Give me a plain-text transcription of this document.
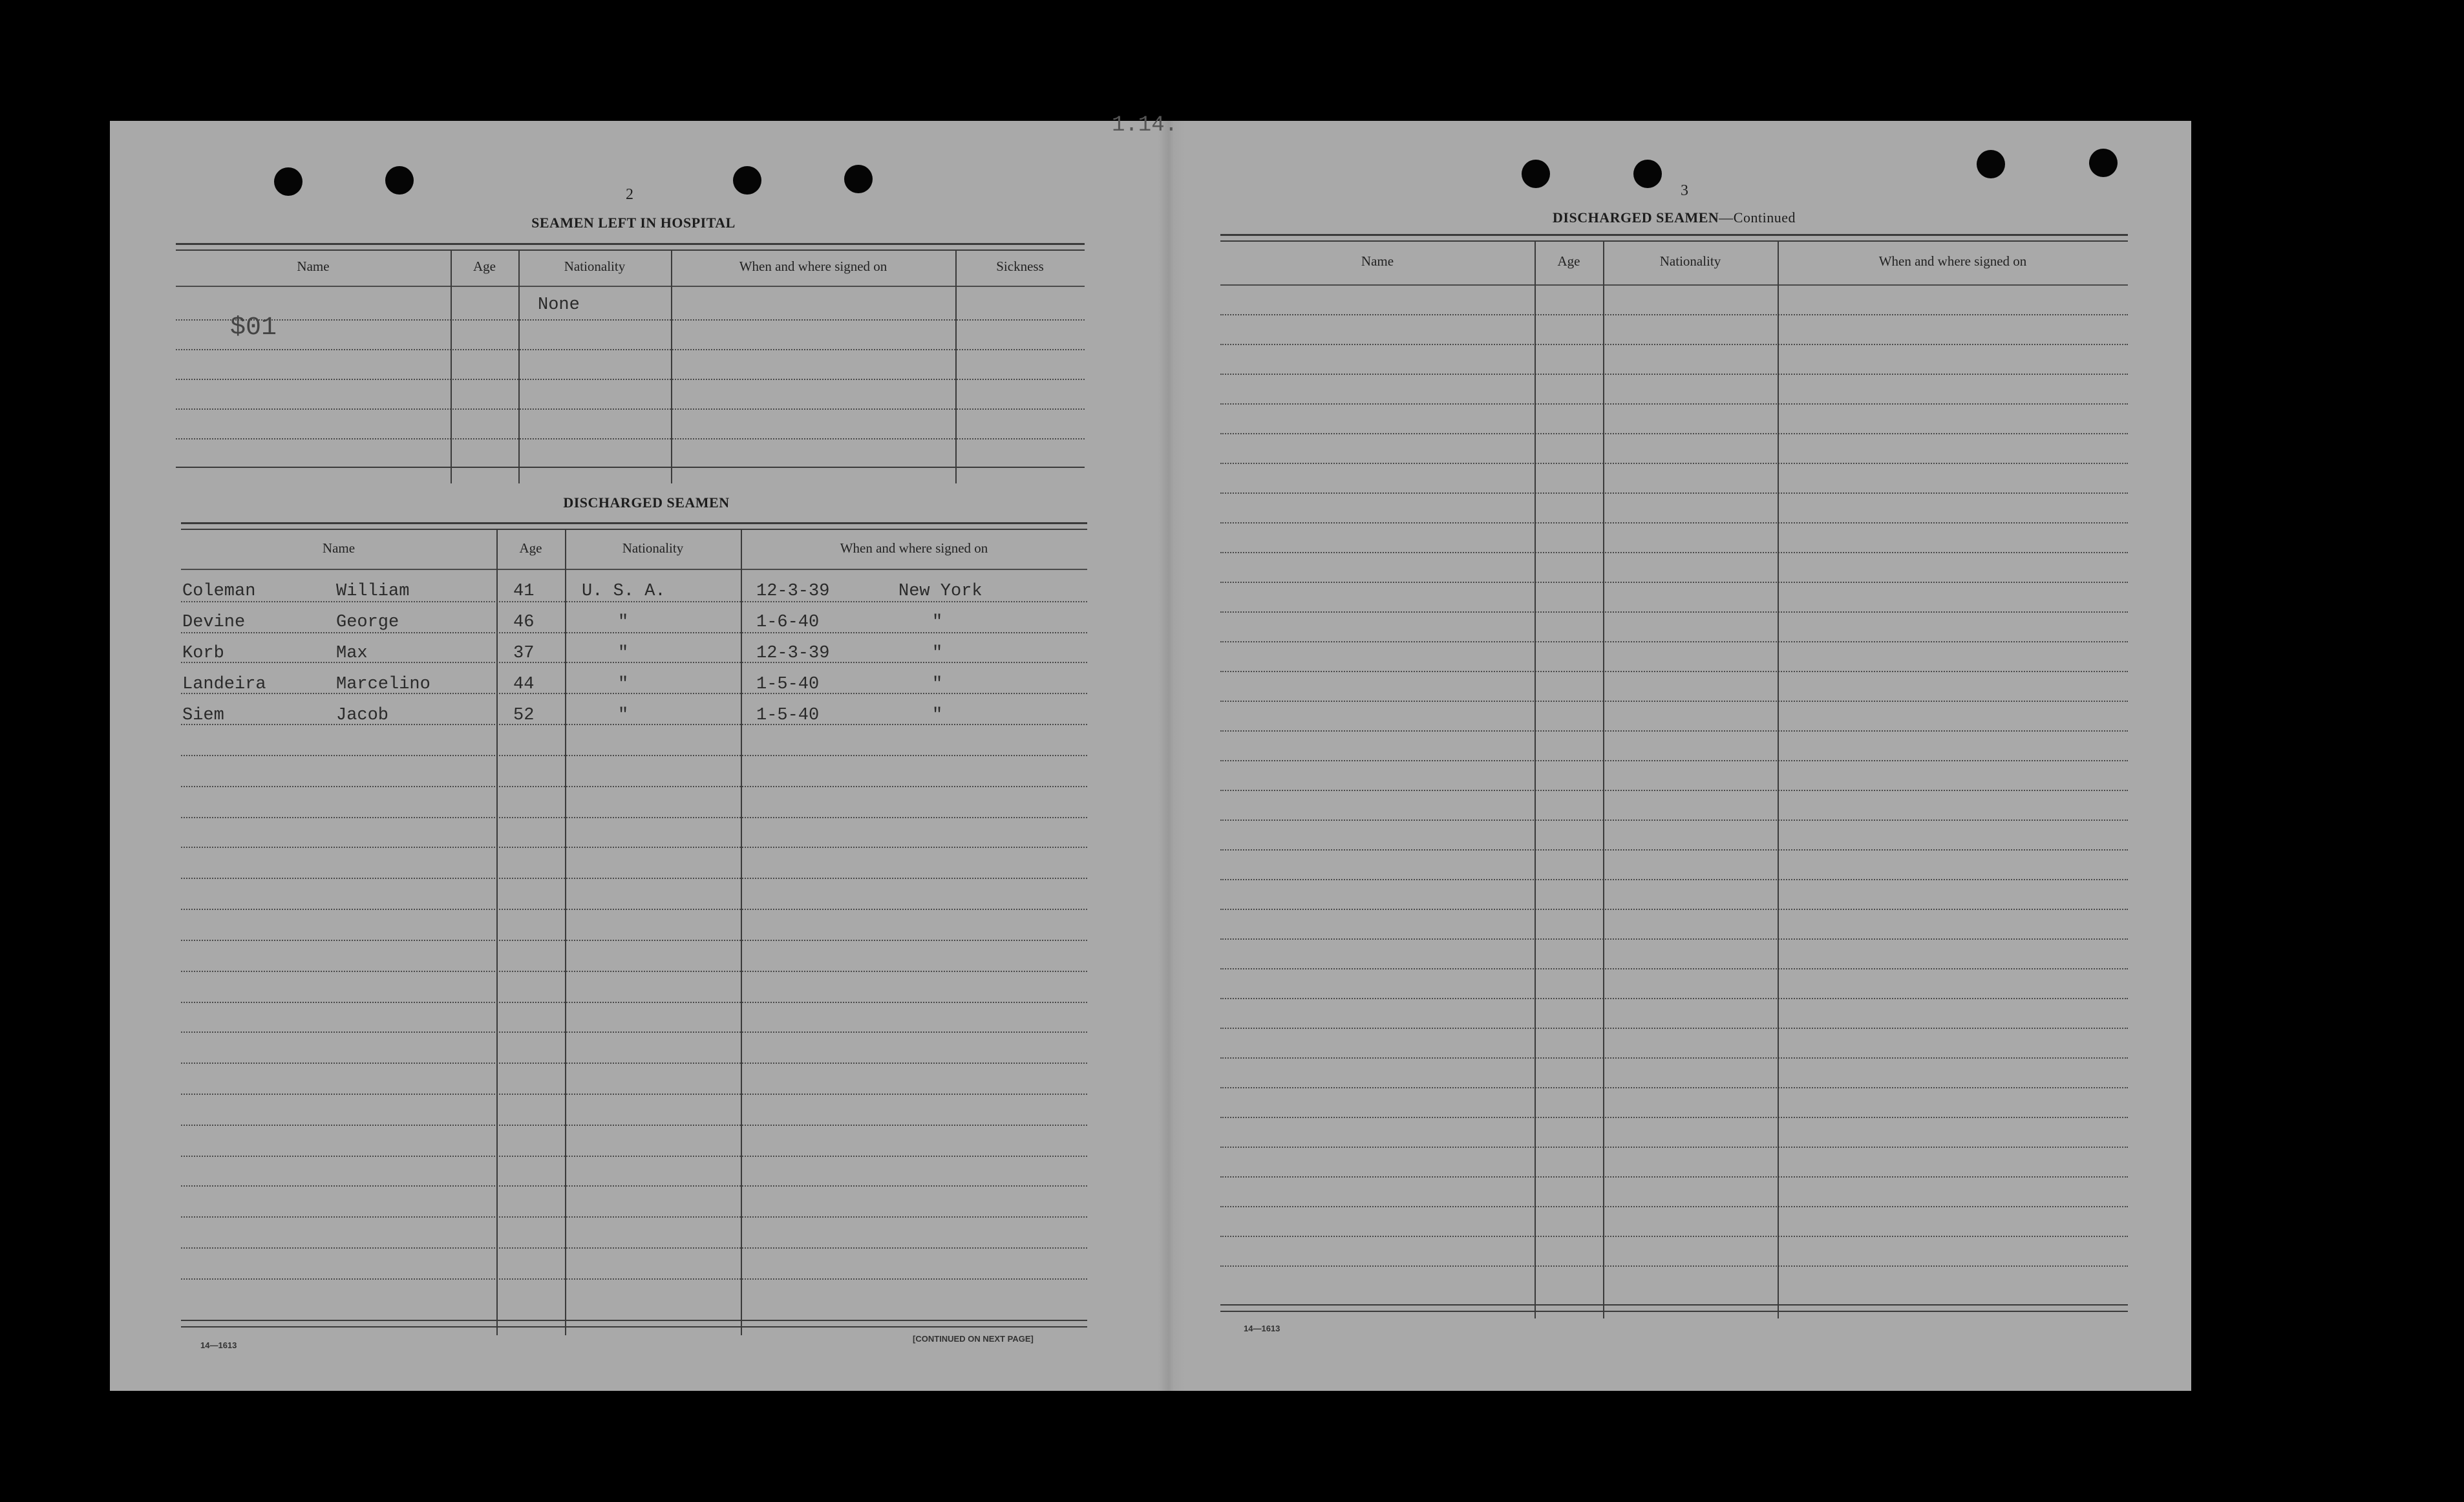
1.14.
2
SEAMEN LEFT IN HOSPITAL
Name	Age	Nationality	When and where signed on	Sickness
None
$01
DISCHARGED SEAMEN
Name	Age	Nationality	When and where signed on
Coleman	William	41	U. S. A.	12-3-39	New York
Devine	George	46	"	1-6-40	"
Korb	Max	37	"	12-3-39	"
Landeira	Marcelino	44	"	1-5-40	"
Siem	Jacob	52	"	1-5-40	"
14—1613
[CONTINUED ON NEXT PAGE]
3
DISCHARGED SEAMEN—Continued
Name	Age	Nationality	When and where signed on
14—1613
